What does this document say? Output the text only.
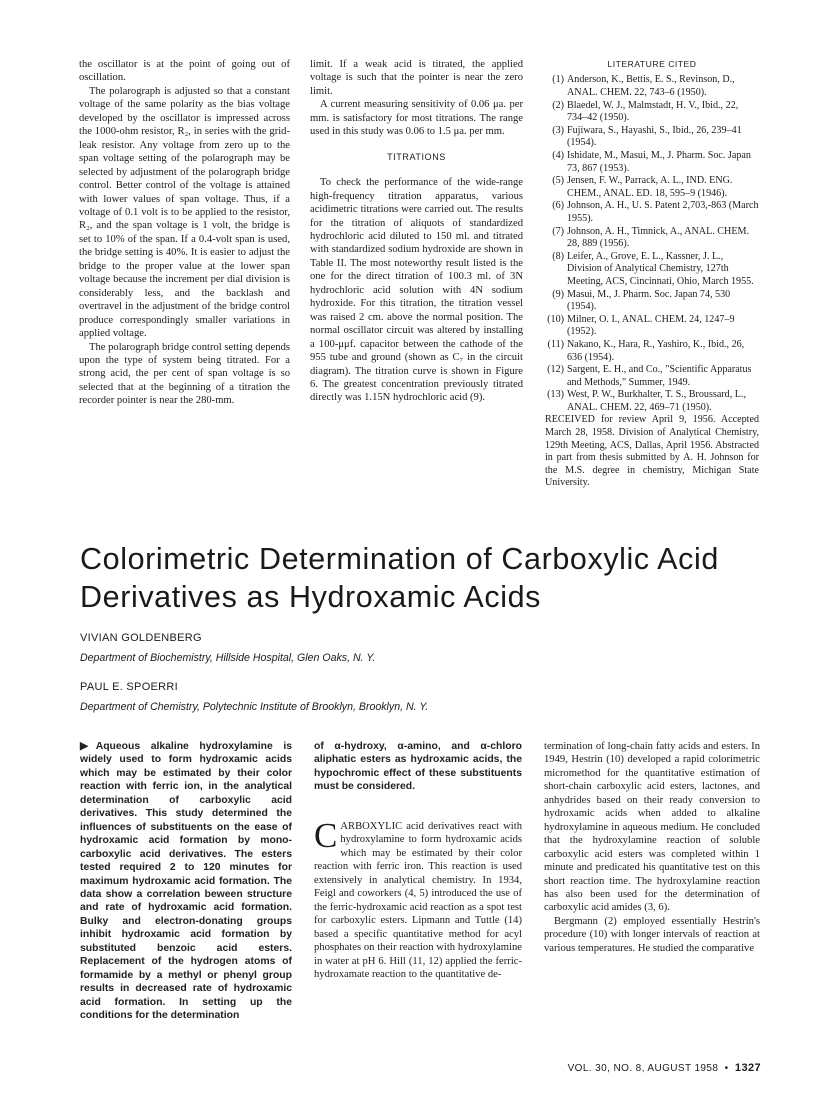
the oscillator is at the point of going out of oscillation.

The polarograph is adjusted so that a constant voltage of the same polarity as the bias voltage developed by the oscillator is impressed across the 1000-ohm resistor, R₂, in series with the grid-leak resistor. Any voltage from zero up to the span voltage setting of the polarograph may be selected by adjustment of the polarograph bridge control. Better control of the voltage is attained with lower values of span voltage. Thus, if a voltage of 0.1 volt is to be applied to the resistor, R₂, and the span voltage is 1 volt, the bridge is set to 10% of the span. If a 0.4-volt span is used, the bridge setting is 40%. It is easier to adjust the bridge to the proper value at the lower span voltage because the increment per dial division is considerably less, and the backlash and overtravel in the adjustment of the bridge control produce correspondingly smaller variations in applied voltage.

The polarograph bridge control setting depends upon the type of system being titrated. For a strong acid, the per cent of span voltage is so selected that at the beginning of a titration the recorder pointer is near the 280-mm.

limit. If a weak acid is titrated, the applied voltage is such that the pointer is near the zero limit.

A current measuring sensitivity of 0.06 μa. per mm. is satisfactory for most titrations. The range used in this study was 0.06 to 1.5 μa. per mm.

TITRATIONS

To check the performance of the wide-range high-frequency titration apparatus, various acidimetric titrations were carried out. The results for the titration of aliquots of standardized hydrochloric acid diluted to 150 ml. and titrated with standardized sodium hydroxide are shown in Table II. The most noteworthy result listed is the one for the direct titration of 100.3 ml. of 3N hydrochloric acid solution with 4N sodium hydroxide. For this titration, the titration vessel was raised 2 cm. above the normal position. The normal oscillator circuit was altered by installing a 100-μμf. capacitor between the cathode of the 955 tube and ground (shown as C₇ in the circuit diagram). The titration curve is shown in Figure 6. The greatest concentration previously titrated directly was 1.15N hydrochloric acid (9).

LITERATURE CITED
(1) Anderson, K., Bettis, E. S., Revinson, D., ANAL. CHEM. 22, 743–6 (1950).
(2) Blaedel, W. J., Malmstadt, H. V., Ibid., 22, 734–42 (1950).
(3) Fujiwara, S., Hayashi, S., Ibid., 26, 239–41 (1954).
(4) Ishidate, M., Masui, M., J. Pharm. Soc. Japan 73, 867 (1953).
(5) Jensen, F. W., Parrack, A. L., IND. ENG. CHEM., ANAL. ED. 18, 595–9 (1946).
(6) Johnson, A. H., U. S. Patent 2,703,-863 (March 1955).
(7) Johnson, A. H., Timnick, A., ANAL. CHEM. 28, 889 (1956).
(8) Leifer, A., Grove, E. L., Kassner, J. L., Division of Analytical Chemistry, 127th Meeting, ACS, Cincinnati, Ohio, March 1955.
(9) Masui, M., J. Pharm. Soc. Japan 74, 530 (1954).
(10) Milner, O. I., ANAL. CHEM. 24, 1247–9 (1952).
(11) Nakano, K., Hara, R., Yashiro, K., Ibid., 26, 636 (1954).
(12) Sargent, E. H., and Co., "Scientific Apparatus and Methods," Summer, 1949.
(13) West, P. W., Burkhalter, T. S., Broussard, L., ANAL. CHEM. 22, 469–71 (1950).

RECEIVED for review April 9, 1956. Accepted March 28, 1958. Division of Analytical Chemistry, 129th Meeting, ACS, Dallas, April 1956. Abstracted in part from thesis submitted by A. H. Johnson for the M.S. degree in chemistry, Michigan State University.

Colorimetric Determination of Carboxylic Acid
Derivatives as Hydroxamic Acids

VIVIAN GOLDENBERG

Department of Biochemistry, Hillside Hospital, Glen Oaks, N. Y.

PAUL E. SPOERRI

Department of Chemistry, Polytechnic Institute of Brooklyn, Brooklyn, N. Y.

▶Aqueous alkaline hydroxylamine is widely used to form hydroxamic acids which may be estimated by their color reaction with ferric ion, in the analytical determination of carboxylic acid derivatives. This study determined the influences of substituents on the ease of hydroxamic acid formation by mono-carboxylic acid derivatives. The esters tested required 2 to 120 minutes for maximum hydroxamic acid formation. The data show a correlation beween structure and rate of hydroxamic acid formation. Bulky and electron-donating groups inhibit hydroxamic acid formation by substituted benzoic acid esters. Replacement of the hydrogen atoms of formamide by a methyl or phenyl group results in decreased rate of hydroxamic acid formation. In setting up the conditions for the determination
of α-hydroxy, α-amino, and α-chloro aliphatic esters as hydroxamic acids, the hypochromic effect of these substituents must be considered.

CARBOXYLIC acid derivatives react with hydroxylamine to form hydroxamic acids which may be estimated by their color reaction with ferric iron. This reaction is used extensively in analytical chemistry. In 1934, Feigl and coworkers (4, 5) introduced the use of the ferric-hydroxamic acid reaction as a spot test for carboxylic esters. Lipmann and Tuttle (14) based a specific quantitative method for acyl phosphates on their reaction with hydroxylamine in water at pH 6. Hill (11, 12) applied the ferric-hydroxamate reaction to the quantitative de-

termination of long-chain fatty acids and esters. In 1949, Hestrin (10) developed a rapid colorimetric micromethod for the quantitative estimation of short-chain carboxylic acid esters, lactones, and anhydrides based on their ready conversion to hydroxamic acids when added to alkaline hydroxylamine in aqueous medium. He concluded that the hydroxylamine reaction of soluble carboxylic acid esters was completed within 1 minute and predicated his quantitative test on this short reaction time. The hydroxylamine reaction has also been used for the determination of carboxylic acid amides (3, 6).

Bergmann (2) employed essentially Hestrin's procedure (10) with longer intervals of reaction at various temperatures. He studied the comparative

VOL. 30, NO. 8, AUGUST 1958 • 1327
